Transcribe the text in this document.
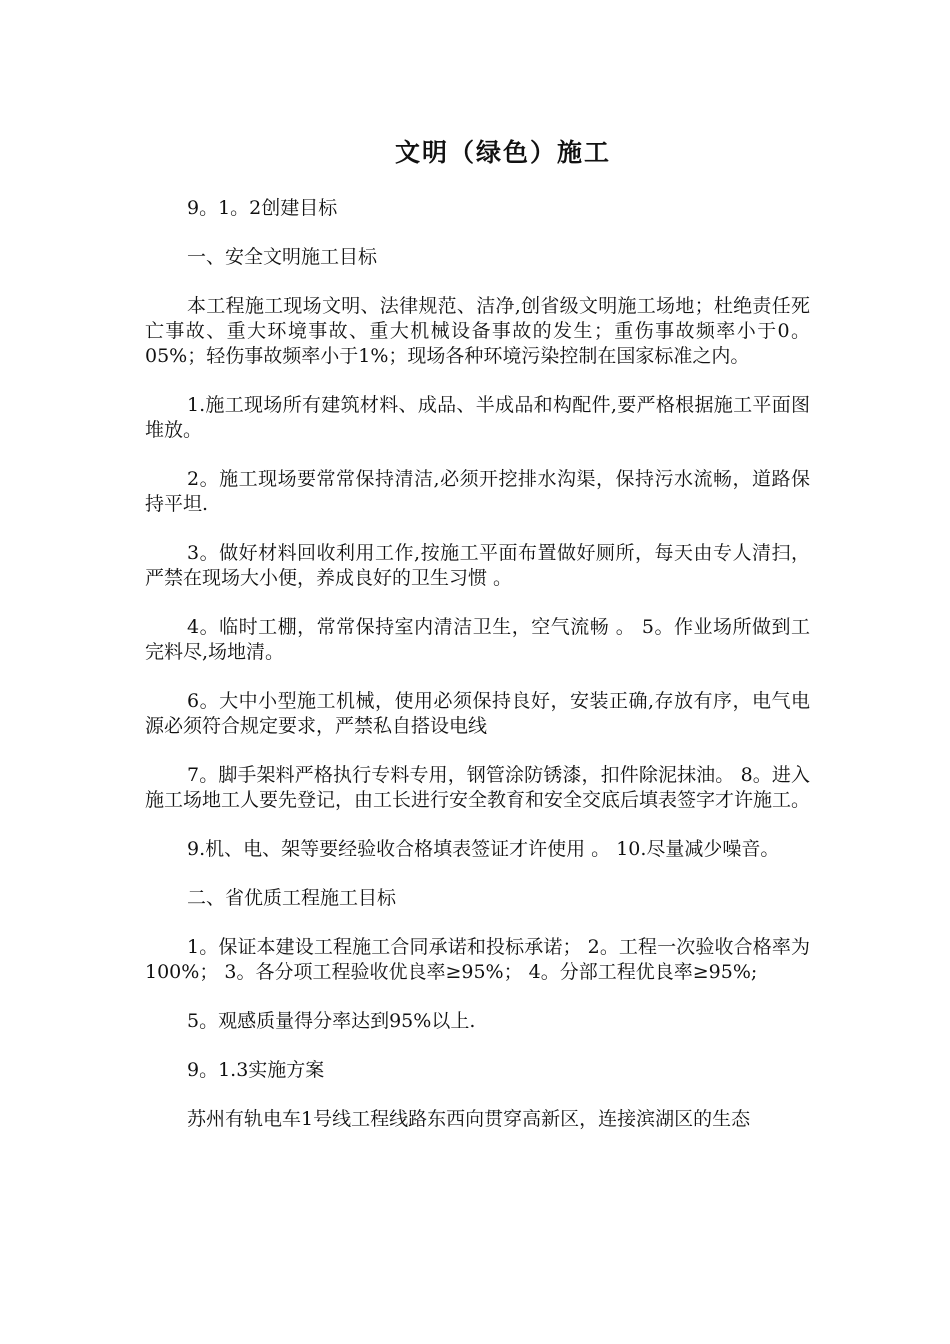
文明（绿色）施工

9。1。2创建目标

一、安全文明施工目标

本工程施工现场文明、法律规范、洁净,创省级文明施工场地；杜绝责任死亡事故、重大环境事故、重大机械设备事故的发生；重伤事故频率小于0。05%；轻伤事故频率小于1%；现场各种环境污染控制在国家标准之内。

1.施工现场所有建筑材料、成品、半成品和构配件,要严格根据施工平面图堆放。

2。施工现场要常常保持清洁,必须开挖排水沟渠，保持污水流畅，道路保持平坦.

3。做好材料回收利用工作,按施工平面布置做好厕所，每天由专人清扫，严禁在现场大小便，养成良好的卫生习惯 。

4。临时工棚，常常保持室内清洁卫生，空气流畅 。 5。作业场所做到工完料尽,场地清。

6。大中小型施工机械，使用必须保持良好，安装正确,存放有序，电气电源必须符合规定要求，严禁私自搭设电线

7。脚手架料严格执行专料专用，钢管涂防锈漆，扣件除泥抹油。 8。进入施工场地工人要先登记，由工长进行安全教育和安全交底后填表签字才许施工。

9.机、电、架等要经验收合格填表签证才许使用 。 10.尽量减少噪音。

二、省优质工程施工目标

1。保证本建设工程施工合同承诺和投标承诺； 2。工程一次验收合格率为100%； 3。各分项工程验收优良率≥95%； 4。分部工程优良率≥95%;

5。观感质量得分率达到95%以上.

9。1.3实施方案

苏州有轨电车1号线工程线路东西向贯穿高新区，连接滨湖区的生态
